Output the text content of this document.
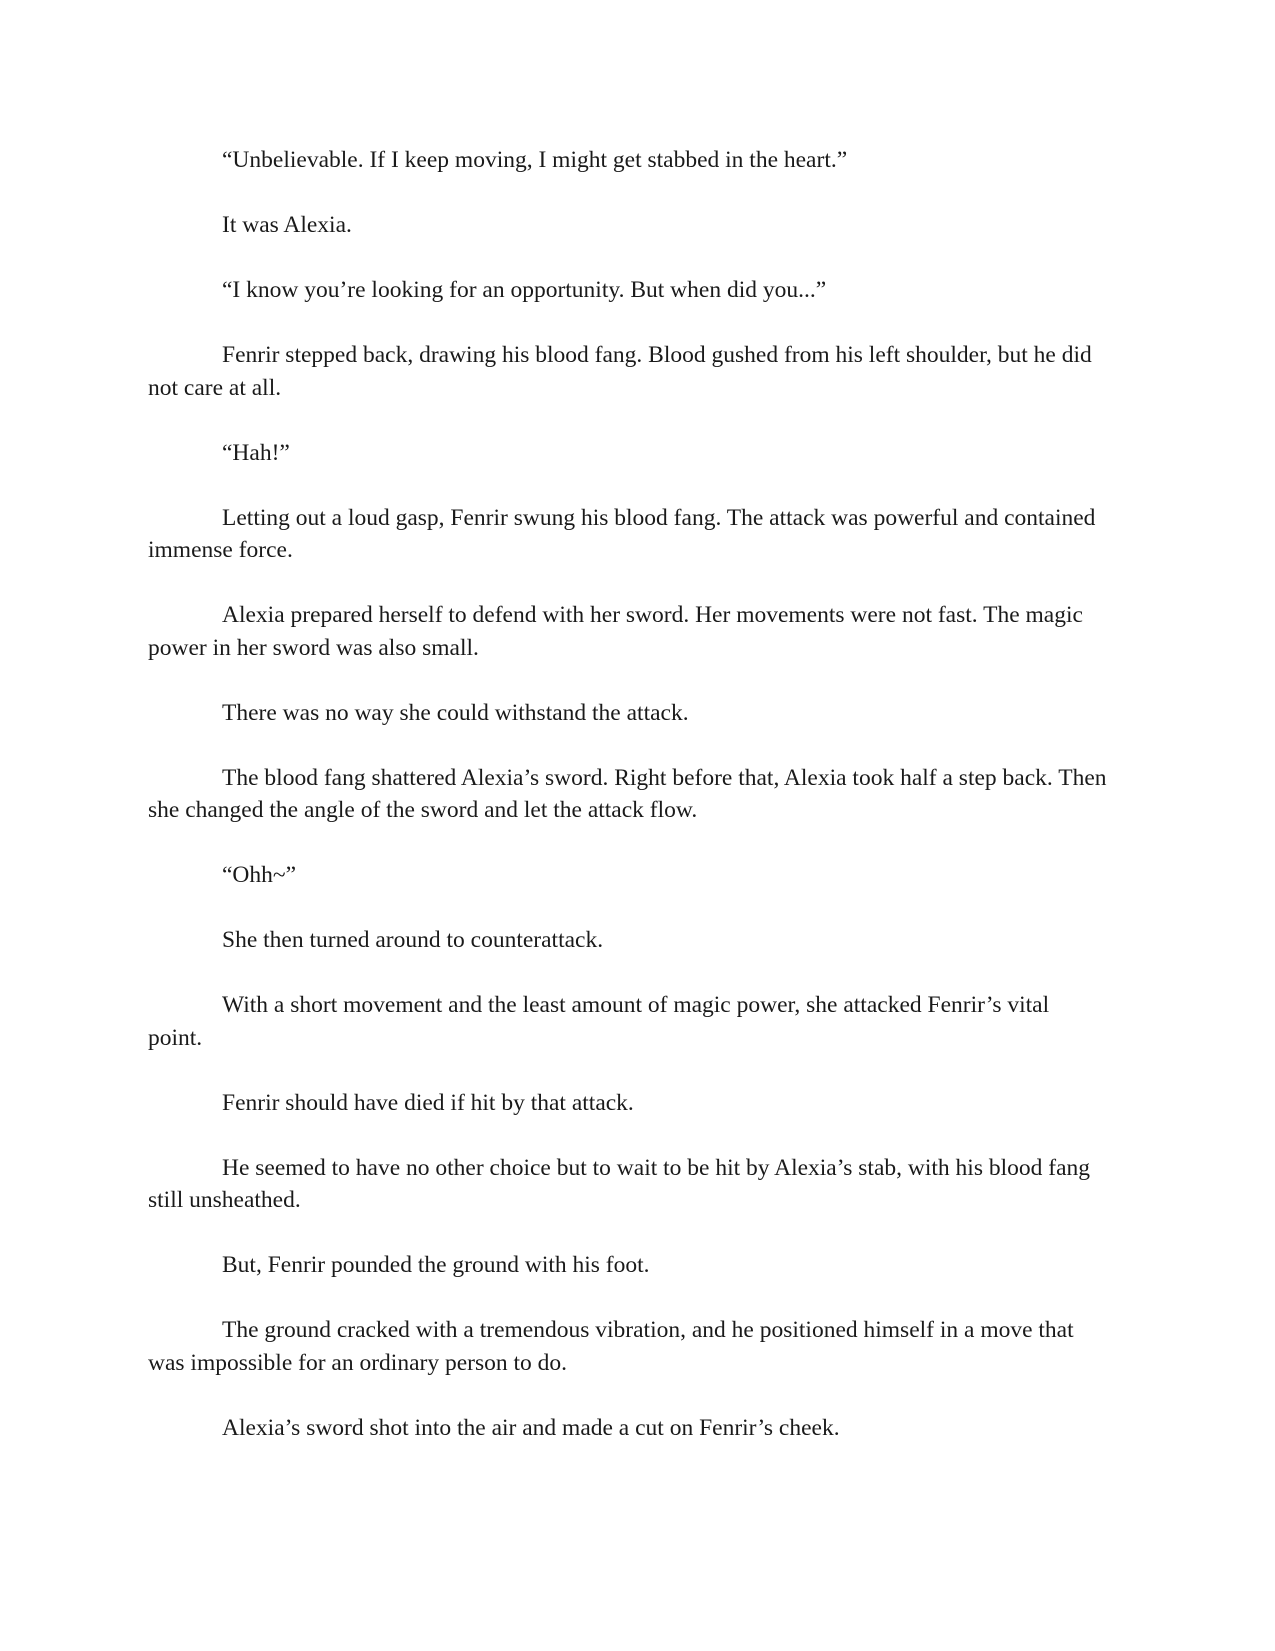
“Unbelievable. If I keep moving, I might get stabbed in the heart.”

It was Alexia.

“I know you’re looking for an opportunity. But when did you...”

Fenrir stepped back, drawing his blood fang. Blood gushed from his left shoulder, but he did not care at all.

“Hah!”

Letting out a loud gasp, Fenrir swung his blood fang. The attack was powerful and contained immense force.

Alexia prepared herself to defend with her sword. Her movements were not fast. The magic power in her sword was also small.

There was no way she could withstand the attack.

The blood fang shattered Alexia’s sword. Right before that, Alexia took half a step back. Then she changed the angle of the sword and let the attack flow.

“Ohh~”

She then turned around to counterattack.

With a short movement and the least amount of magic power, she attacked Fenrir’s vital point.

Fenrir should have died if hit by that attack.

He seemed to have no other choice but to wait to be hit by Alexia’s stab, with his blood fang still unsheathed.

But, Fenrir pounded the ground with his foot.

The ground cracked with a tremendous vibration, and he positioned himself in a move that was impossible for an ordinary person to do.

Alexia’s sword shot into the air and made a cut on Fenrir’s cheek.
